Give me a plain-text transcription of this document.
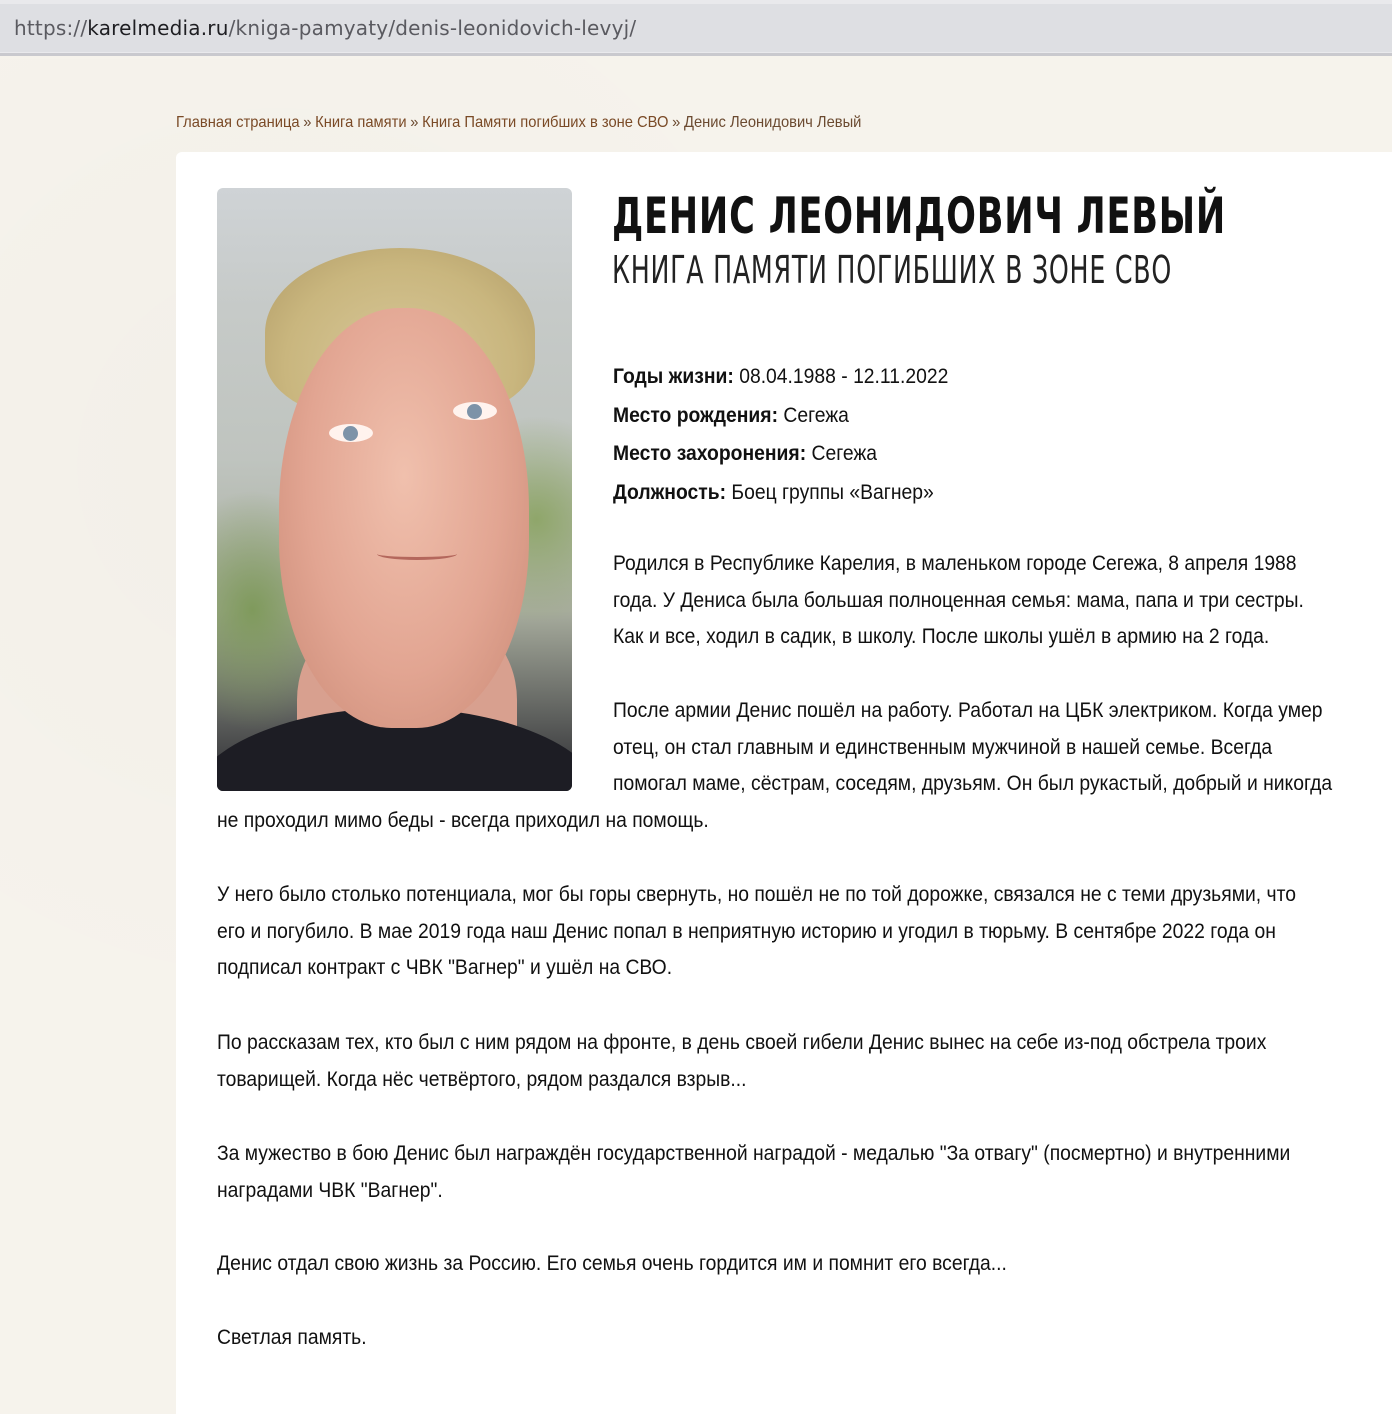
https:// karelmedia.ru /kniga-pamyaty/denis-leonidovich-levyj/
Главная страница » Книга памяти » Книга Памяти погибших в зоне СВО » Денис Леонидович Левый
ДЕНИС ЛЕОНИДОВИЧ ЛЕВЫЙ
КНИГА ПАМЯТИ ПОГИБШИХ В ЗОНЕ СВО
Годы жизни: 08.04.1988 - 12.11.2022
Место рождения: Сегежа
Место захоронения: Сегежа
Должность: Боец группы «Вагнер»
Родился в Республике Карелия, в маленьком городе Сегежа, 8 апреля 1988
года. У Дениса была большая полноценная семья: мама, папа и три сестры.
Как и все, ходил в садик, в школу. После школы ушёл в армию на 2 года.
После армии Денис пошёл на работу. Работал на ЦБК электриком. Когда умер
отец, он стал главным и единственным мужчиной в нашей семье. Всегда
помогал маме, сёстрам, соседям, друзьям. Он был рукастый, добрый и никогда
не проходил мимо беды - всегда приходил на помощь.
У него было столько потенциала, мог бы горы свернуть, но пошёл не по той дорожке, связался не с теми друзьями, что
его и погубило. В мае 2019 года наш Денис попал в неприятную историю и угодил в тюрьму. В сентябре 2022 года он
подписал контракт с ЧВК "Вагнер" и ушёл на СВО.
По рассказам тех, кто был с ним рядом на фронте, в день своей гибели Денис вынес на себе из-под обстрела троих
товарищей. Когда нёс четвёртого, рядом раздался взрыв...
За мужество в бою Денис был награждён государственной наградой - медалью "За отвагу" (посмертно) и внутренними
наградами ЧВК "Вагнер".
Денис отдал свою жизнь за Россию. Его семья очень гордится им и помнит его всегда...
Светлая память.
